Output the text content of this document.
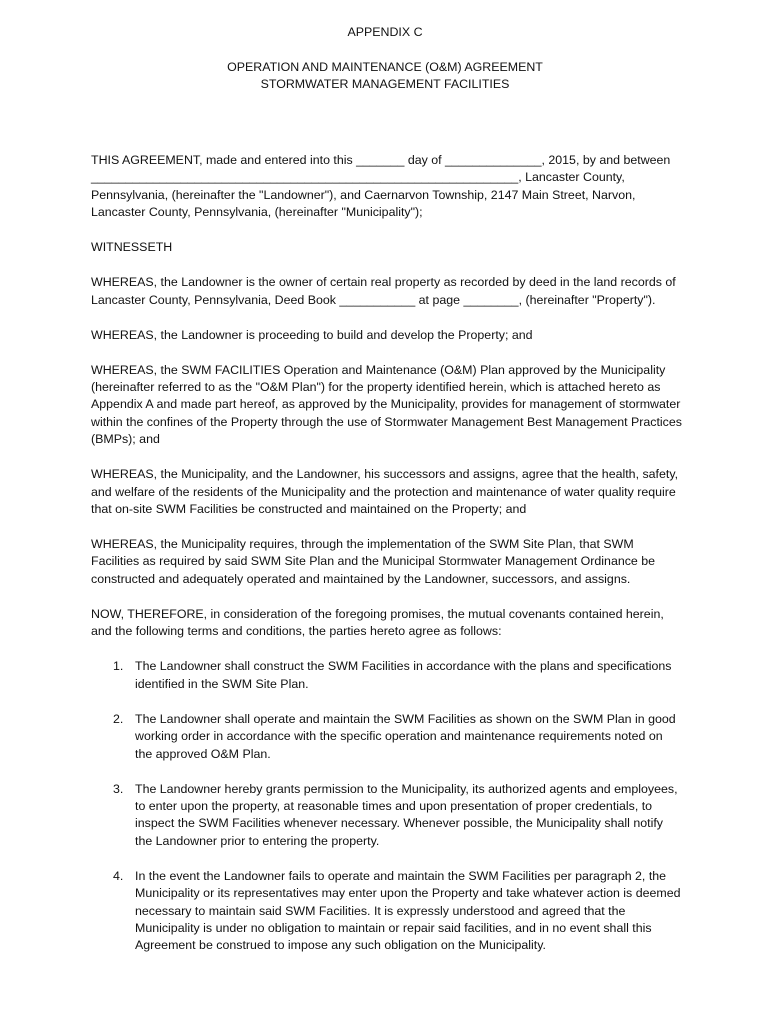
APPENDIX C
OPERATION AND MAINTENANCE (O&M) AGREEMENT
STORMWATER MANAGEMENT FACILITIES
THIS AGREEMENT, made and entered into this _______ day of ______________, 2015, by and between
______________________________________________________________, Lancaster County,
Pennsylvania, (hereinafter the "Landowner"), and Caernarvon Township, 2147 Main Street, Narvon,
Lancaster County, Pennsylvania, (hereinafter "Municipality");
WITNESSETH
WHEREAS, the Landowner is the owner of certain real property as recorded by deed in the land records of Lancaster County, Pennsylvania, Deed Book ___________ at page ________, (hereinafter "Property").
WHEREAS, the Landowner is proceeding to build and develop the Property; and
WHEREAS, the SWM FACILITIES Operation and Maintenance (O&M) Plan approved by the Municipality (hereinafter referred to as the "O&M Plan") for the property identified herein, which is attached hereto as Appendix A and made part hereof, as approved by the Municipality, provides for management of stormwater within the confines of the Property through the use of Stormwater Management Best Management Practices (BMPs); and
WHEREAS, the Municipality, and the Landowner, his successors and assigns, agree that the health, safety, and welfare of the residents of the Municipality and the protection and maintenance of water quality require that on-site SWM Facilities be constructed and maintained on the Property; and
WHEREAS, the Municipality requires, through the implementation of the SWM Site Plan, that SWM Facilities as required by said SWM Site Plan and the Municipal Stormwater Management Ordinance be constructed and adequately operated and maintained by the Landowner, successors, and assigns.
NOW, THEREFORE, in consideration of the foregoing promises, the mutual covenants contained herein, and the following terms and conditions, the parties hereto agree as follows:
1. The Landowner shall construct the SWM Facilities in accordance with the plans and specifications identified in the SWM Site Plan.
2. The Landowner shall operate and maintain the SWM Facilities as shown on the SWM Plan in good working order in accordance with the specific operation and maintenance requirements noted on the approved O&M Plan.
3. The Landowner hereby grants permission to the Municipality, its authorized agents and employees, to enter upon the property, at reasonable times and upon presentation of proper credentials, to inspect the SWM Facilities whenever necessary. Whenever possible, the Municipality shall notify the Landowner prior to entering the property.
4. In the event the Landowner fails to operate and maintain the SWM Facilities per paragraph 2, the Municipality or its representatives may enter upon the Property and take whatever action is deemed necessary to maintain said SWM Facilities. It is expressly understood and agreed that the Municipality is under no obligation to maintain or repair said facilities, and in no event shall this Agreement be construed to impose any such obligation on the Municipality.
